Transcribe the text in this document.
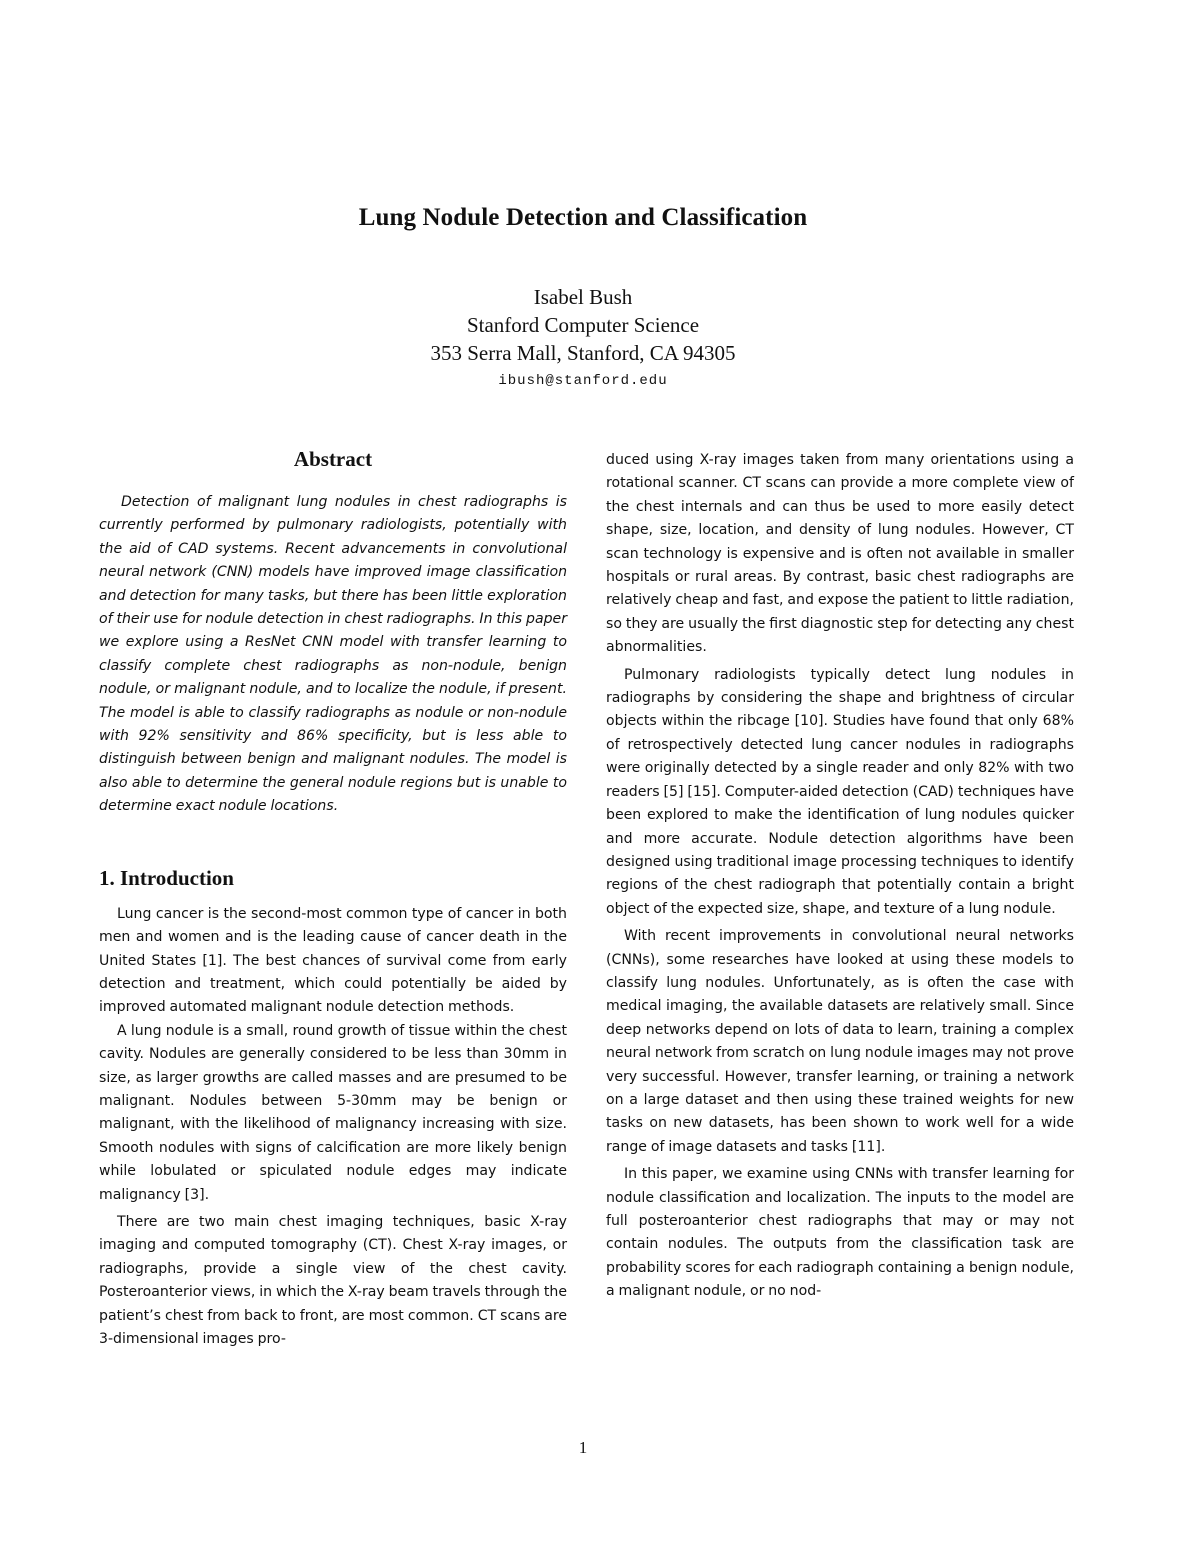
Lung Nodule Detection and Classification
Isabel Bush
Stanford Computer Science
353 Serra Mall, Stanford, CA 94305
ibush@stanford.edu
Abstract

Detection of malignant lung nodules in chest radiographs is currently performed by pulmonary radiologists, potentially with the aid of CAD systems. Recent advancements in convolutional neural network (CNN) models have improved image classification and detection for many tasks, but there has been little exploration of their use for nodule detection in chest radiographs. In this paper we explore using a ResNet CNN model with transfer learning to classify complete chest radiographs as non-nodule, benign nodule, or malignant nodule, and to localize the nodule, if present. The model is able to classify radiographs as nodule or non-nodule with 92% sensitivity and 86% specificity, but is less able to distinguish between benign and malignant nodules. The model is also able to determine the general nodule regions but is unable to determine exact nodule locations.

1. Introduction

Lung cancer is the second-most common type of cancer in both men and women and is the leading cause of cancer death in the United States [1]. The best chances of survival come from early detection and treatment, which could potentially be aided by improved automated malignant nodule detection methods.

A lung nodule is a small, round growth of tissue within the chest cavity. Nodules are generally considered to be less than 30mm in size, as larger growths are called masses and are presumed to be malignant. Nodules between 5-30mm may be benign or malignant, with the likelihood of malignancy increasing with size. Smooth nodules with signs of calcification are more likely benign while lobulated or spiculated nodule edges may indicate malignancy [3].

There are two main chest imaging techniques, basic X-ray imaging and computed tomography (CT). Chest X-ray images, or radiographs, provide a single view of the chest cavity. Posteroanterior views, in which the X-ray beam travels through the patient’s chest from back to front, are most common. CT scans are 3-dimensional images pro-

duced using X-ray images taken from many orientations using a rotational scanner. CT scans can provide a more complete view of the chest internals and can thus be used to more easily detect shape, size, location, and density of lung nodules. However, CT scan technology is expensive and is often not available in smaller hospitals or rural areas. By contrast, basic chest radiographs are relatively cheap and fast, and expose the patient to little radiation, so they are usually the first diagnostic step for detecting any chest abnormalities.

Pulmonary radiologists typically detect lung nodules in radiographs by considering the shape and brightness of circular objects within the ribcage [10]. Studies have found that only 68% of retrospectively detected lung cancer nodules in radiographs were originally detected by a single reader and only 82% with two readers [5] [15]. Computer-aided detection (CAD) techniques have been explored to make the identification of lung nodules quicker and more accurate. Nodule detection algorithms have been designed using traditional image processing techniques to identify regions of the chest radiograph that potentially contain a bright object of the expected size, shape, and texture of a lung nodule.

With recent improvements in convolutional neural networks (CNNs), some researches have looked at using these models to classify lung nodules. Unfortunately, as is often the case with medical imaging, the available datasets are relatively small. Since deep networks depend on lots of data to learn, training a complex neural network from scratch on lung nodule images may not prove very successful. However, transfer learning, or training a network on a large dataset and then using these trained weights for new tasks on new datasets, has been shown to work well for a wide range of image datasets and tasks [11].

In this paper, we examine using CNNs with transfer learning for nodule classification and localization. The inputs to the model are full posteroanterior chest radiographs that may or may not contain nodules. The outputs from the classification task are probability scores for each radiograph containing a benign nodule, a malignant nodule, or no nod-

1
